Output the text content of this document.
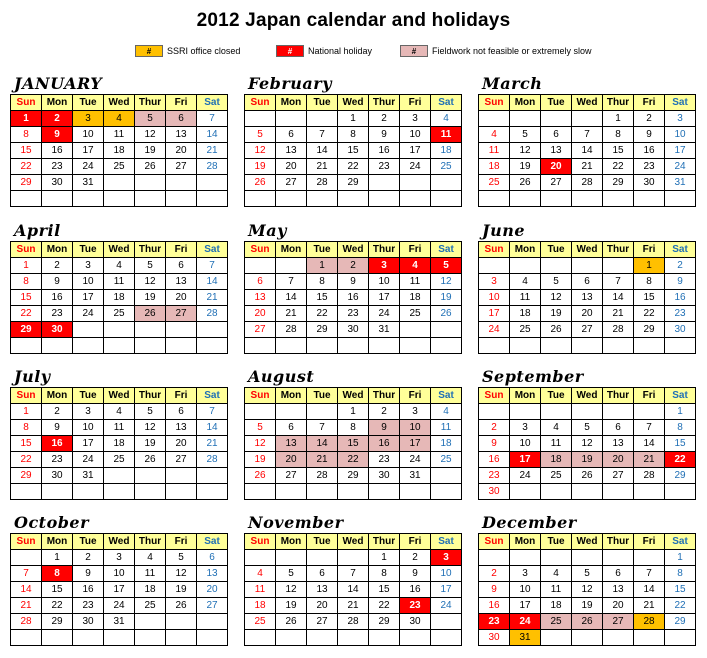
2012 Japan calendar and holidays
#	SSRI office closed	#	National holiday	#	Fieldwork not feasible or extremely slow
JANUARY
Sun	Mon	Tue	Wed	Thur	Fri	Sat
1	2	3	4	5	6	7
8	9	10	11	12	13	14
15	16	17	18	19	20	21
22	23	24	25	26	27	28
29	30	31				

February
Sun	Mon	Tue	Wed	Thur	Fri	Sat
			1	2	3	4
5	6	7	8	9	10	11
12	13	14	15	16	17	18
19	20	21	22	23	24	25
26	27	28	29			

March
Sun	Mon	Tue	Wed	Thur	Fri	Sat
				1	2	3
4	5	6	7	8	9	10
11	12	13	14	15	16	17
18	19	20	21	22	23	24
25	26	27	28	29	30	31

April
Sun	Mon	Tue	Wed	Thur	Fri	Sat
1	2	3	4	5	6	7
8	9	10	11	12	13	14
15	16	17	18	19	20	21
22	23	24	25	26	27	28
29	30					

May
Sun	Mon	Tue	Wed	Thur	Fri	Sat
		1	2	3	4	5
6	7	8	9	10	11	12
13	14	15	16	17	18	19
20	21	22	23	24	25	26
27	28	29	30	31		

June
Sun	Mon	Tue	Wed	Thur	Fri	Sat
					1	2
3	4	5	6	7	8	9
10	11	12	13	14	15	16
17	18	19	20	21	22	23
24	25	26	27	28	29	30

July
Sun	Mon	Tue	Wed	Thur	Fri	Sat
1	2	3	4	5	6	7
8	9	10	11	12	13	14
15	16	17	18	19	20	21
22	23	24	25	26	27	28
29	30	31				

August
Sun	Mon	Tue	Wed	Thur	Fri	Sat
			1	2	3	4
5	6	7	8	9	10	11
12	13	14	15	16	17	18
19	20	21	22	23	24	25
26	27	28	29	30	31	

September
Sun	Mon	Tue	Wed	Thur	Fri	Sat
						1
2	3	4	5	6	7	8
9	10	11	12	13	14	15
16	17	18	19	20	21	22
23	24	25	26	27	28	29
30						
October
Sun	Mon	Tue	Wed	Thur	Fri	Sat
	1	2	3	4	5	6
7	8	9	10	11	12	13
14	15	16	17	18	19	20
21	22	23	24	25	26	27
28	29	30	31			

November
Sun	Mon	Tue	Wed	Thur	Fri	Sat
				1	2	3
4	5	6	7	8	9	10
11	12	13	14	15	16	17
18	19	20	21	22	23	24
25	26	27	28	29	30	

December
Sun	Mon	Tue	Wed	Thur	Fri	Sat
						1
2	3	4	5	6	7	8
9	10	11	12	13	14	15
16	17	18	19	20	21	22
23	24	25	26	27	28	29
30	31					
